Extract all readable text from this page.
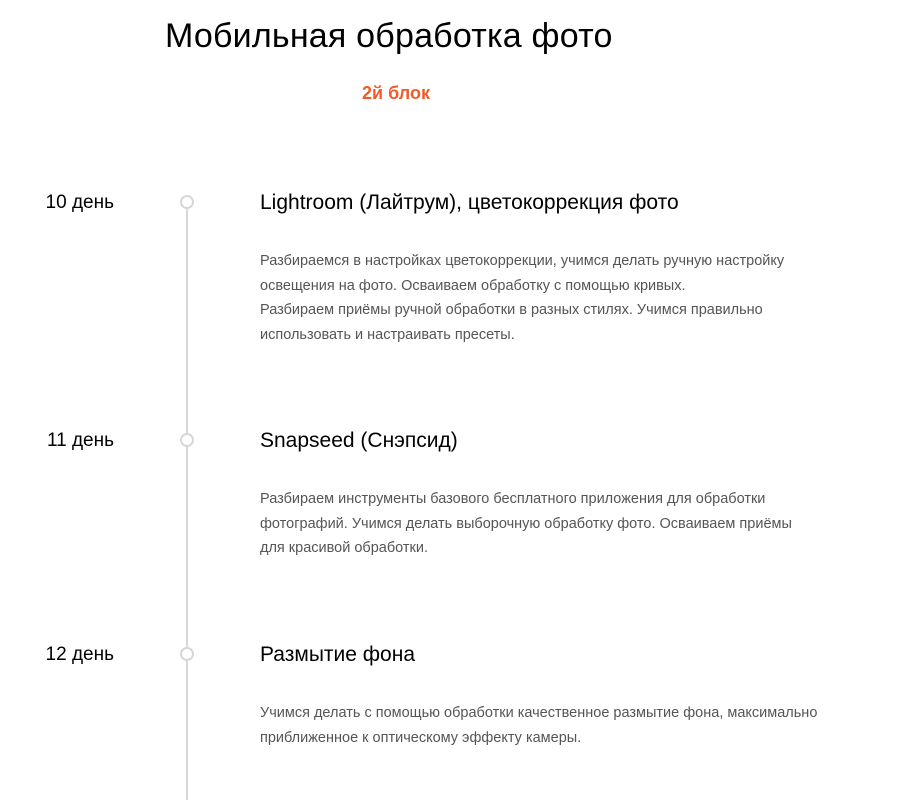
Мобильная обработка фото
2й блок
10 день	Lightroom (Лайтрум), цветокоррекция фото

Разбираемся в настройках цветокоррекции, учимся делать ручную настройку освещения на фото. Осваиваем обработку с помощью кривых.

Разбираем приёмы ручной обработки в разных стилях. Учимся правильно использовать и настраивать пресеты.

11 день	Snapseed (Снэпсид)

Разбираем инструменты базового бесплатного приложения для обработки фотографий. Учимся делать выборочную обработку фото. Осваиваем приёмы для красивой обработки.

12 день	Размытие фона

Учимся делать с помощью обработки качественное размытие фона, максимально приближенное к оптическому эффекту камеры.
